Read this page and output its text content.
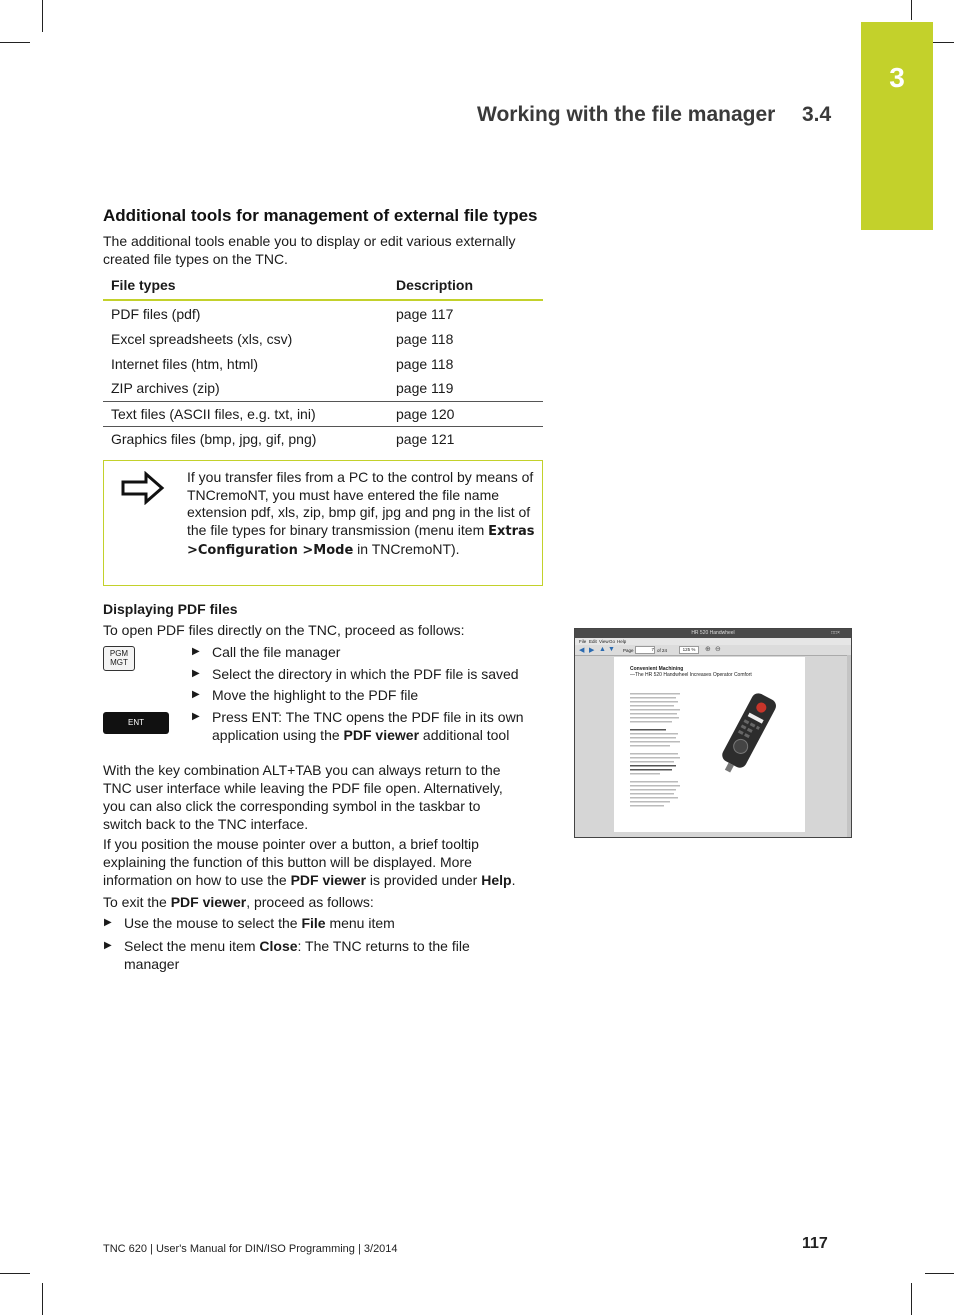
3
Working with the file manager 3.4
Additional tools for management of external file types
The additional tools enable you to display or edit various externally
created file types on the TNC.
File types	Description
PDF files (pdf)	page 117
Excel spreadsheets (xls, csv)	page 118
Internet files (htm, html)	page 118
ZIP archives (zip)	page 119
Text files (ASCII files, e.g. txt, ini)	page 120
Graphics files (bmp, jpg, gif, png)	page 121
If you transfer files from a PC to the control by means of TNCremoNT, you must have entered the file name extension pdf, xls, zip, bmp gif, jpg and png in the list of the file types for binary transmission (menu item Extras >Configuration >Mode in TNCremoNT).
Displaying PDF files
To open PDF files directly on the TNC, proceed as follows:
PGM
MGT
ENT
▶ Call the file manager
▶ Select the directory in which the PDF file is saved
▶ Move the highlight to the PDF file
▶ Press ENT: The TNC opens the PDF file in its own
application using the PDF viewer additional tool
With the key combination ALT+TAB you can always return to the
TNC user interface while leaving the PDF file open. Alternatively,
you can also click the corresponding symbol in the taskbar to
switch back to the TNC interface.
If you position the mouse pointer over a button, a brief tooltip
explaining the function of this button will be displayed. More
information on how to use the PDF viewer is provided under Help.
To exit the PDF viewer, proceed as follows:
▶ Use the mouse to select the File menu item
▶ Select the menu item Close: The TNC returns to the file
manager
HR 520 Handwheel	□□×
File Edit View Go Help
◀ ▶ ▲ ▼ Page	7 of 24	125 %	⊕ ⊖
Convenient Machining
—The HR 520 Handwheel Increases Operator Comfort
TNC 620 | User's Manual for DIN/ISO Programming | 3/2014	117
